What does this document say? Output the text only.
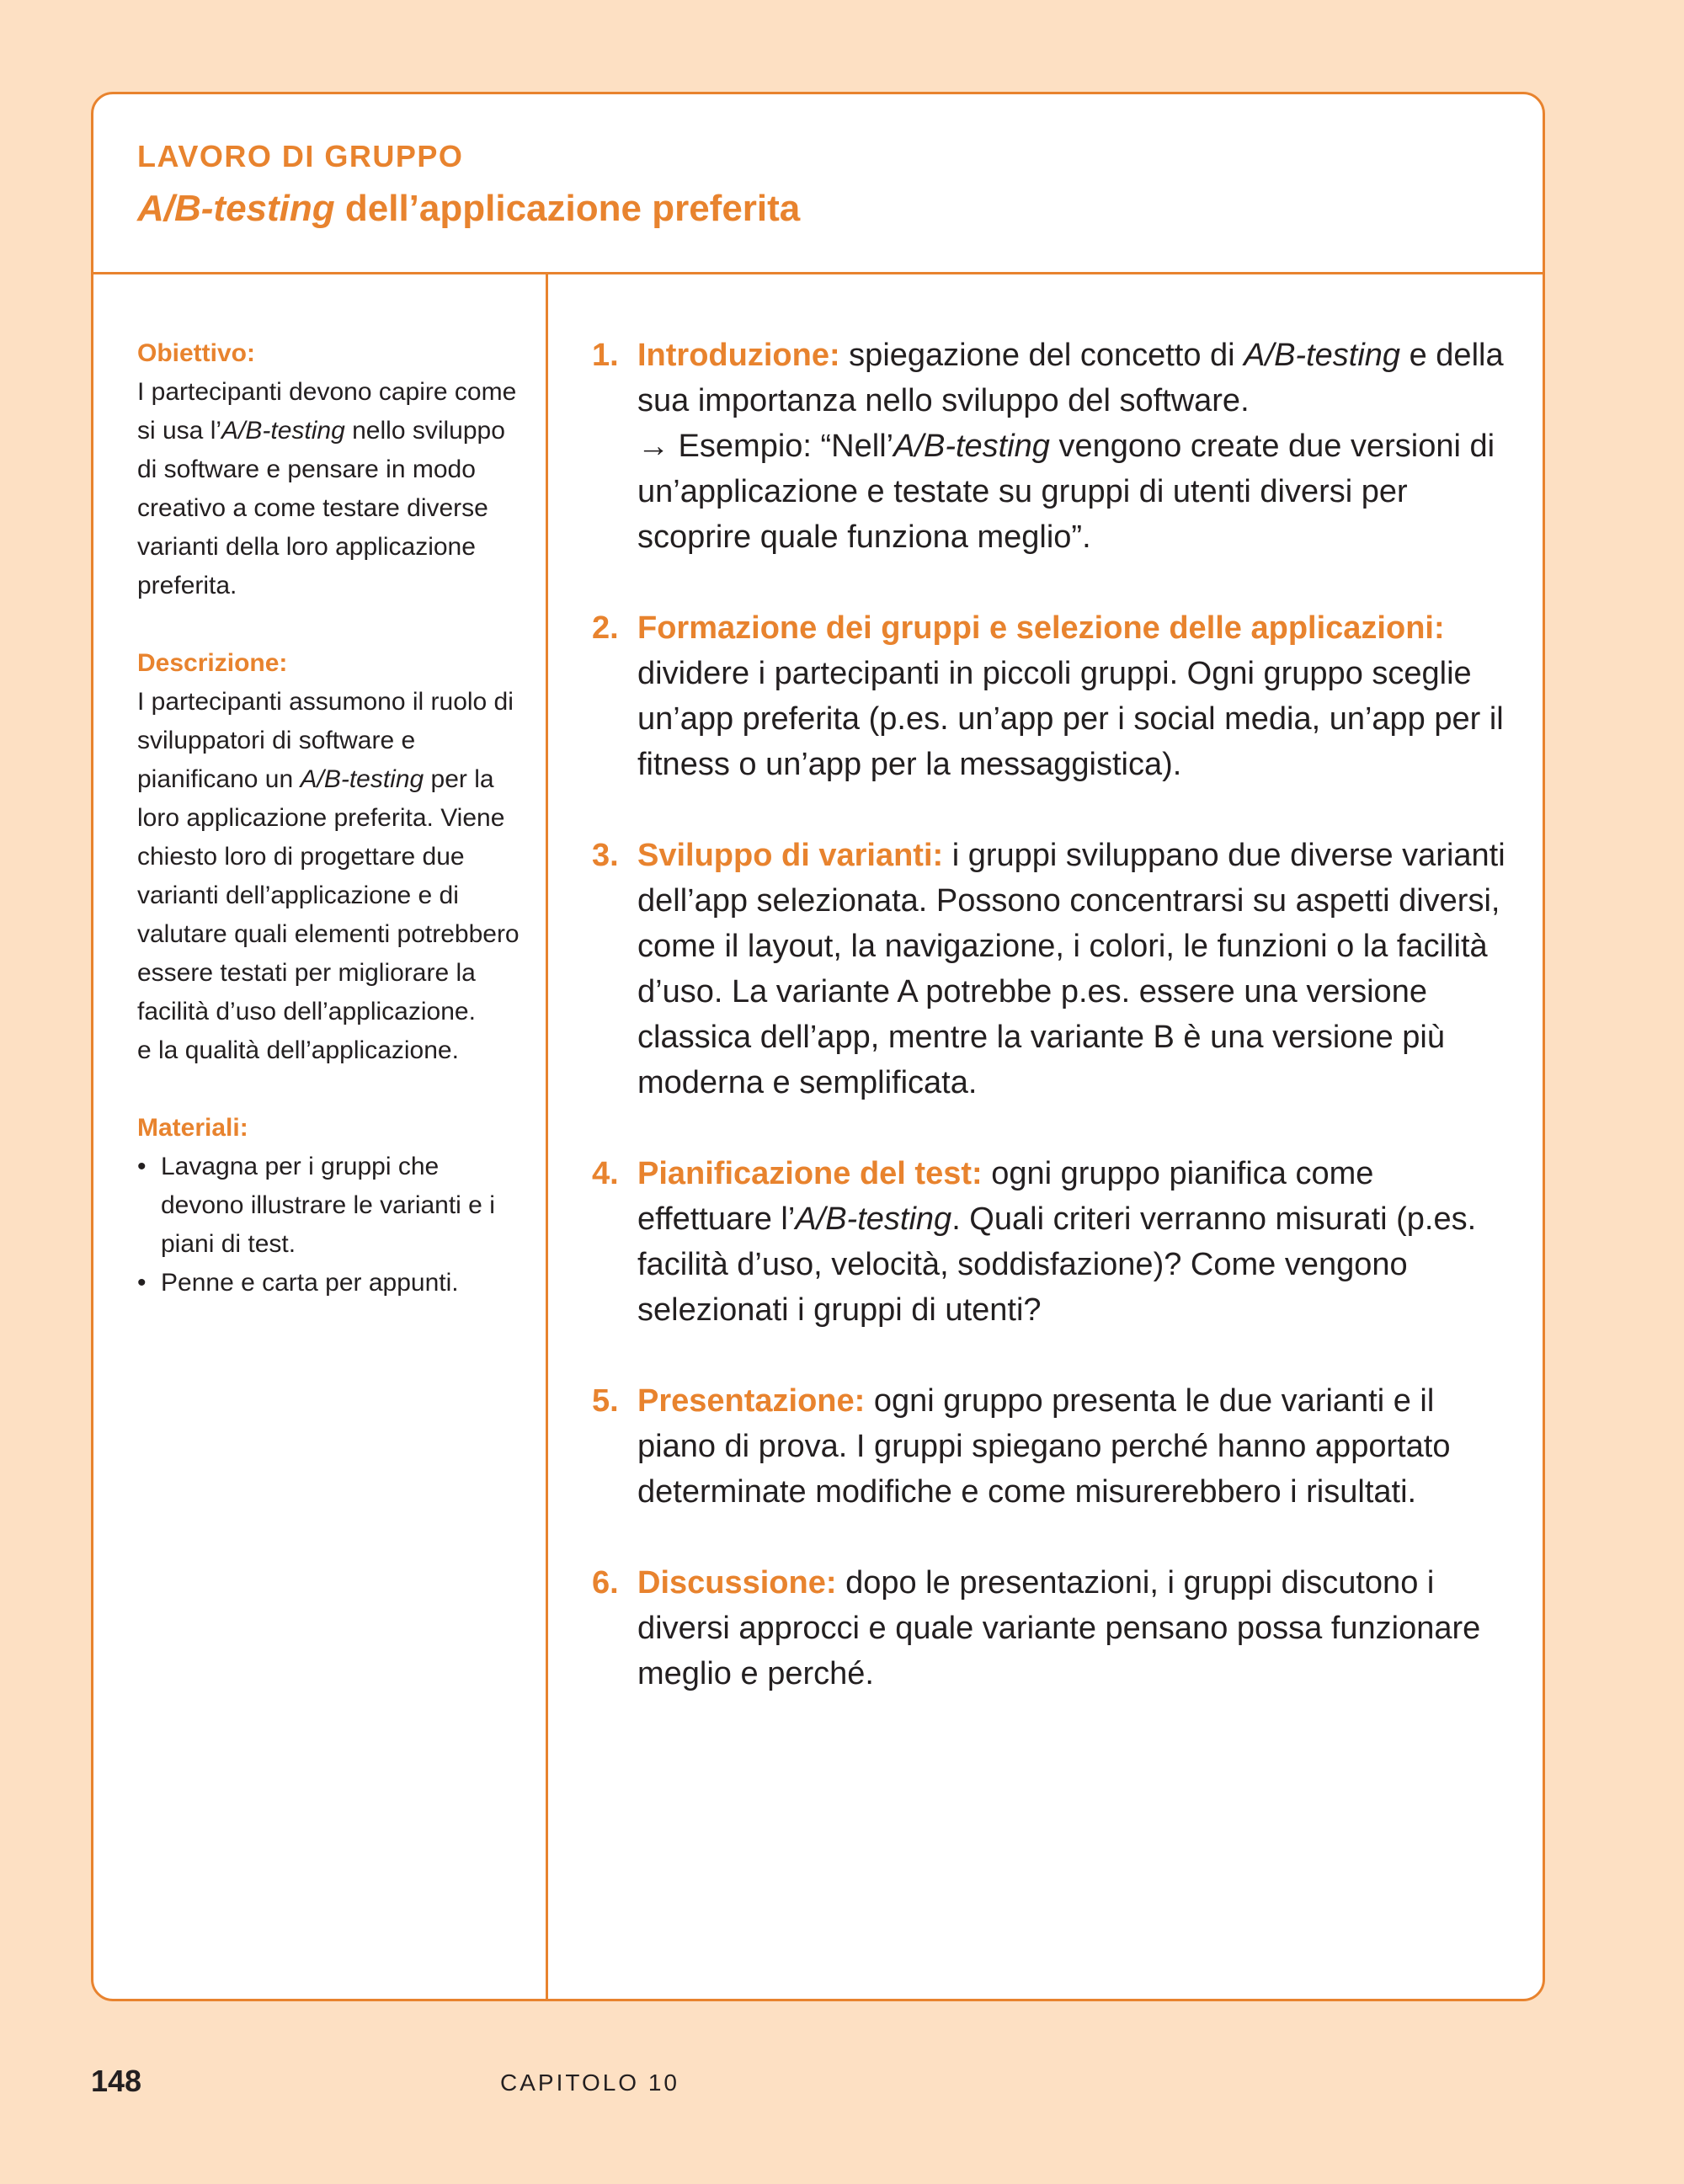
LAVORO DI GRUPPO

A/B-testing dell’applicazione preferita

Obiettivo:

I partecipanti devono capire come si usa l’A/B-testing nello sviluppo di software e pensare in modo creativo a come testare diverse varianti della loro applicazione preferita.

Descrizione:

I partecipanti assumono il ruolo di sviluppatori di software e pianificano un A/B-testing per la loro applicazione preferita. Viene chiesto loro di progettare due varianti dell’applicazione e di valutare quali elementi potrebbero essere testati per migliorare la facilità d’uso dell’applicazione.
e la qualità dell’applicazione.

Materiali:

• Lavagna per i gruppi che devono illustrare le varianti e i piani di test.
• Penne e carta per appunti.
1. Introduzione: spiegazione del concetto di A/B-testing e della sua importanza nello sviluppo del software.
→ Esempio: “Nell’A/B-testing vengono create due versioni di un’applicazione e testate su gruppi di utenti diversi per scoprire quale funziona meglio”.
2. Formazione dei gruppi e selezione delle applicazioni: dividere i partecipanti in piccoli gruppi. Ogni gruppo sceglie un’app preferita (p.es. un’app per i social media, un’app per il fitness o un’app per la messaggistica).
3. Sviluppo di varianti: i gruppi sviluppano due diverse varianti dell’app selezionata. Possono concentrarsi su aspetti diversi, come il layout, la navigazione, i colori, le funzioni o la facilità d’uso. La variante A potrebbe p.es. essere una versione classica dell’app, mentre la variante B è una versione più moderna e semplificata.
4. Pianificazione del test: ogni gruppo pianifica come effettuare l’A/B-testing. Quali criteri verranno misurati (p.es. facilità d’uso, velocità, soddisfazione)? Come vengono selezionati i gruppi di utenti?
5. Presentazione: ogni gruppo presenta le due varianti e il piano di prova. I gruppi spiegano perché hanno apportato determinate modifiche e come misurerebbero i risultati.
6. Discussione: dopo le presentazioni, i gruppi discutono i diversi approcci e quale variante pensano possa funzionare meglio e perché.
148	CAPITOLO 10
